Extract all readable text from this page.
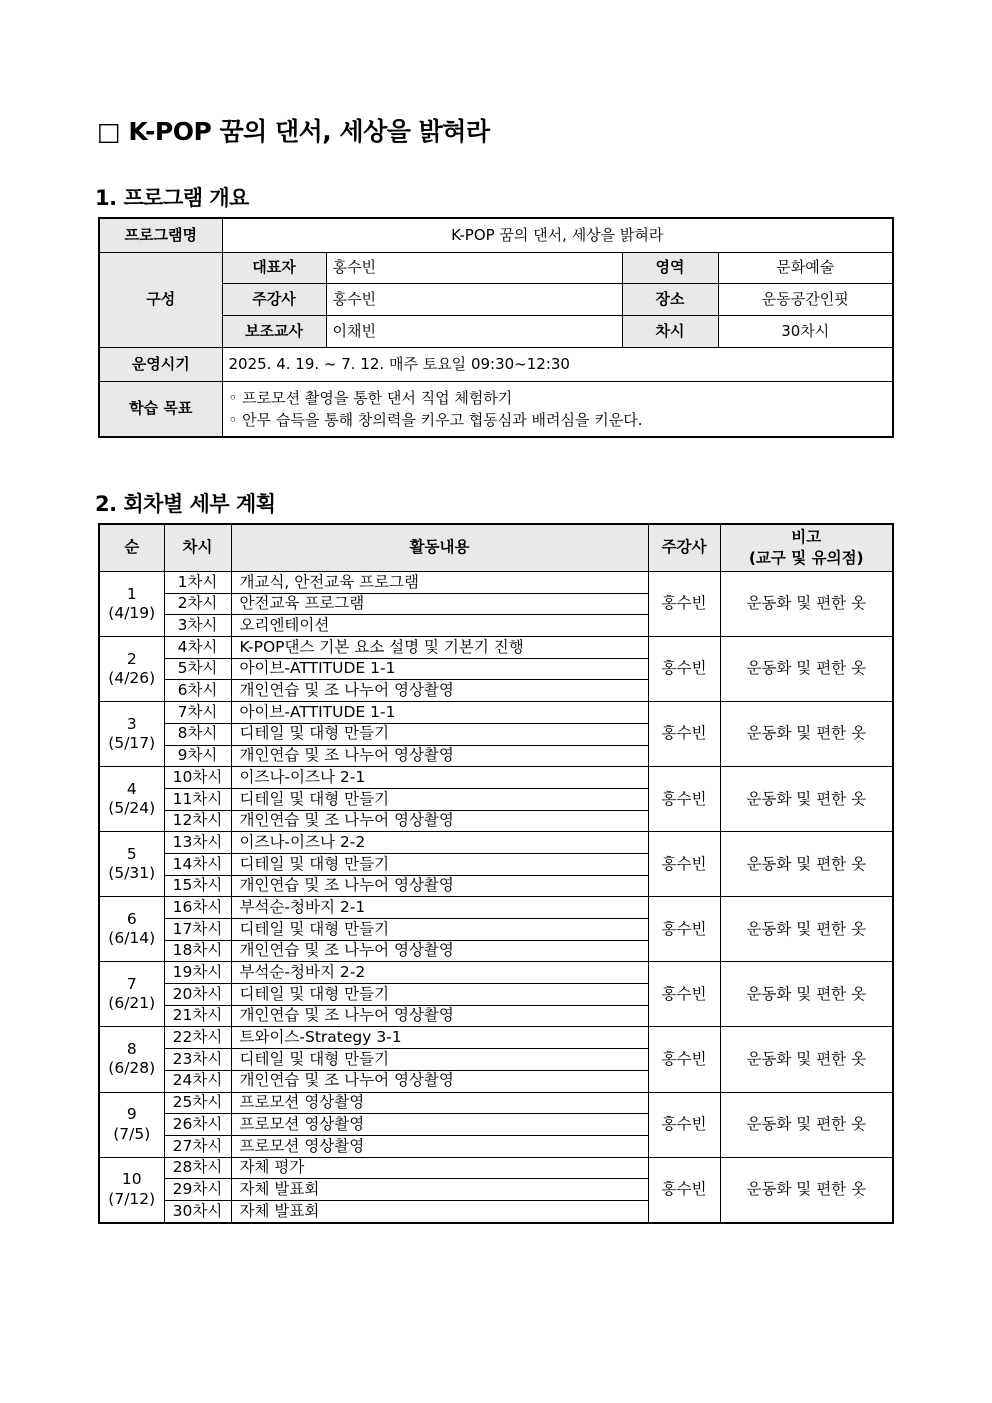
□ K-POP 꿈의 댄서, 세상을 밝혀라
1. 프로그램 개요
프로그램명	K-POP 꿈의 댄서, 세상을 밝혀라			
구성	대표자	홍수빈	영역	문화예술
	주강사	홍수빈	장소	운동공간인핏
	보조교사	이채빈	차시	30차시
운영시기	2025. 4. 19. ~ 7. 12. 매주 토요일 09:30~12:30			
학습 목표	◦ 프로모션 촬영을 통한 댄서 직업 체험하기
◦ 안무 습득을 통해 창의력을 키우고 협동심과 배려심을 키운다.			
2. 회차별 세부 계획
순	차시	활동내용	주강사	비고
(교구 및 유의점)

1
(4/19)	1차시	개교식, 안전교육 프로그램	홍수빈	운동화 및 편한 옷
	2차시	안전교육 프로그램		
	3차시	오리엔테이션		

2
(4/26)	4차시	K-POP댄스 기본 요소 설명 및 기본기 진행	홍수빈	운동화 및 편한 옷
	5차시	아이브-ATTITUDE 1-1		
	6차시	개인연습 및 조 나누어 영상촬영		

3
(5/17)	7차시	아이브-ATTITUDE 1-1	홍수빈	운동화 및 편한 옷
	8차시	디테일 및 대형 만들기		
	9차시	개인연습 및 조 나누어 영상촬영		

4
(5/24)	10차시	이즈나-이즈나 2-1	홍수빈	운동화 및 편한 옷
	11차시	디테일 및 대형 만들기		
	12차시	개인연습 및 조 나누어 영상촬영		

5
(5/31)	13차시	이즈나-이즈나 2-2	홍수빈	운동화 및 편한 옷
	14차시	디테일 및 대형 만들기		
	15차시	개인연습 및 조 나누어 영상촬영		

6
(6/14)	16차시	부석순-청바지 2-1	홍수빈	운동화 및 편한 옷
	17차시	디테일 및 대형 만들기		
	18차시	개인연습 및 조 나누어 영상촬영		

7
(6/21)	19차시	부석순-청바지 2-2	홍수빈	운동화 및 편한 옷
	20차시	디테일 및 대형 만들기		
	21차시	개인연습 및 조 나누어 영상촬영		

8
(6/28)	22차시	트와이스-Strategy 3-1	홍수빈	운동화 및 편한 옷
	23차시	디테일 및 대형 만들기		
	24차시	개인연습 및 조 나누어 영상촬영		

9
(7/5)	25차시	프로모션 영상촬영	홍수빈	운동화 및 편한 옷
	26차시	프로모션 영상촬영		
	27차시	프로모션 영상촬영		

10
(7/12)	28차시	자체 평가	홍수빈	운동화 및 편한 옷
	29차시	자체 발표회		
	30차시	자체 발표회		
